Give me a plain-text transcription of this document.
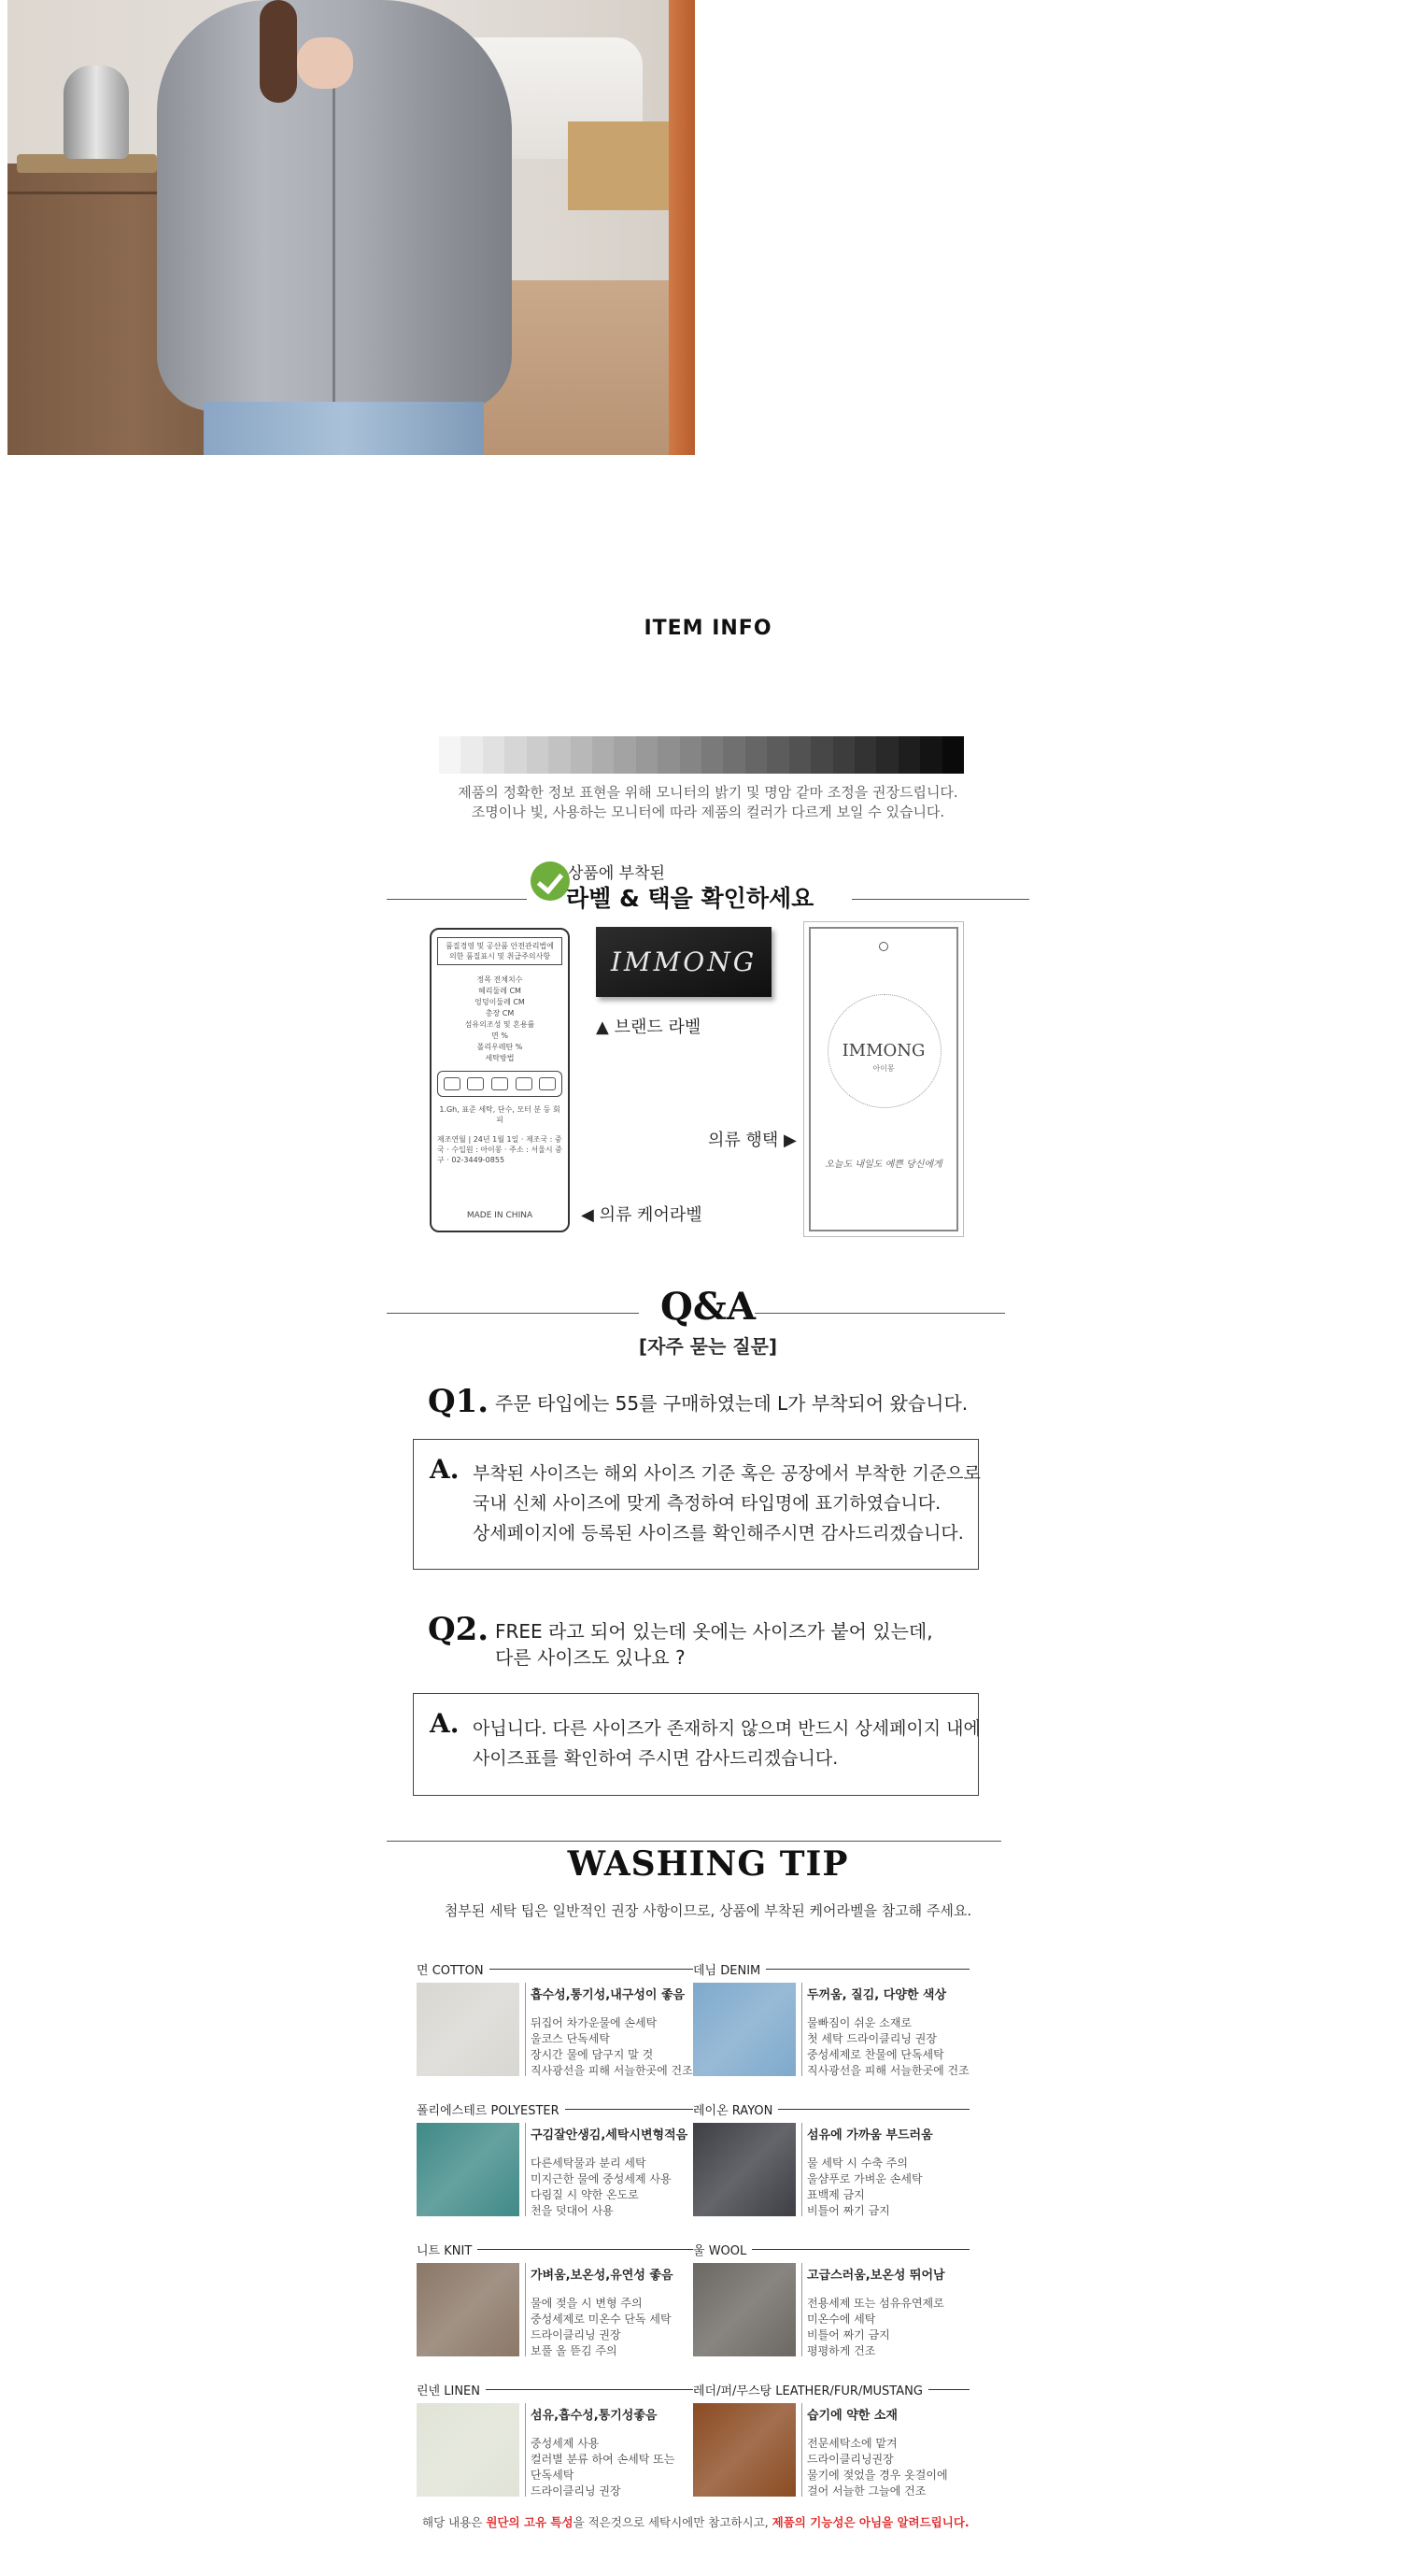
ITEM INFO
제품의 정확한 정보 표현을 위해 모니터의 밝기 및 명암 같마 조정을 권장드립니다.
조명이나 빛, 사용하는 모니터에 따라 제품의 컬러가 다르게 보일 수 있습니다.
상품에 부착된
라벨 & 택을 확인하세요
품질경영 및 공산품 안전관리법에 의한 품질표시 및 취급주의사항
정목 전체치수
헤리둘레 CM
엉덩이둘레 CM
총장 CM
섬유의조성 및 혼용률
면 %
폴리우레탄 %
세탁방법
1.Gh, 표준 세탁, 단수, 모터 분 등 회피
제조연월 | 24년 1월 1일 · 제조국 : 중국 · 수입원 : 아이몽 · 주소 : 서울시 중구 · 02-3449-0855
MADE IN CHINA
IMMONG
▲ 브랜드 라벨
의류 행택 ▶
◀ 의류 케어라벨
IMMONG
아이몽
오늘도 내일도 예쁜 당신에게
Q&A
[자주 묻는 질문]
Q1. 주문 타입에는 55를 구매하였는데 L가 부착되어 왔습니다.
A. 부착된 사이즈는 해외 사이즈 기준 혹은 공장에서 부착한 기준으로
국내 신체 사이즈에 맞게 측정하여 타입명에 표기하였습니다.
상세페이지에 등록된 사이즈를 확인해주시면 감사드리겠습니다.
Q2. FREE 라고 되어 있는데 옷에는 사이즈가 붙어 있는데,
다른 사이즈도 있나요 ?
A. 아닙니다. 다른 사이즈가 존재하지 않으며 반드시 상세페이지 내에
사이즈표를 확인하여 주시면 감사드리겠습니다.
WASHING TIP
첨부된 세탁 팁은 일반적인 권장 사항이므로, 상품에 부착된 케어라벨을 참고해 주세요.
면 COTTON
흡수성,통기성,내구성이 좋음
뒤집어 차가운물에 손세탁
울코스 단독세탁
장시간 물에 담구지 말 것
직사광선을 피해 서늘한곳에 건조
데님 DENIM
두꺼움, 질김, 다양한 색상
물빠짐이 쉬운 소재로
첫 세탁 드라이클리닝 권장
중성세제로 찬물에 단독세탁
직사광선을 피해 서늘한곳에 건조
폴리에스테르 POLYESTER
구김잘안생김,세탁시변형적음
다른세탁물과 분리 세탁
미지근한 물에 중성세제 사용
다림질 시 약한 온도로
천을 덧대어 사용
레이온 RAYON
섬유에 가까움 부드러움
물 세탁 시 수축 주의
울샴푸로 가벼운 손세탁
표백제 금지
비틀어 짜기 금지
니트 KNIT
가벼움,보온성,유연성 좋음
물에 젖을 시 변형 주의
중성세제로 미온수 단독 세탁
드라이클리닝 권장
보풀 올 뜯김 주의
울 WOOL
고급스러움,보온성 뛰어남
전용세제 또는 섬유유연제로
미온수에 세탁
비틀어 짜기 금지
평평하게 건조
린넨 LINEN
섬유,흡수성,통기성좋음
중성세제 사용
컬러별 분류 하여 손세탁 또는
단독세탁
드라이클리닝 권장
레더/퍼/무스탕 LEATHER/FUR/MUSTANG
습기에 약한 소재
전문세탁소에 맡겨
드라이클리닝권장
물기에 젖었을 경우 옷걸이에
걸어 서늘한 그늘에 건조
해당 내용은 원단의 고유 특성을 적은것으로 세탁시에만 참고하시고, 제품의 기능성은 아님을 알려드립니다.
